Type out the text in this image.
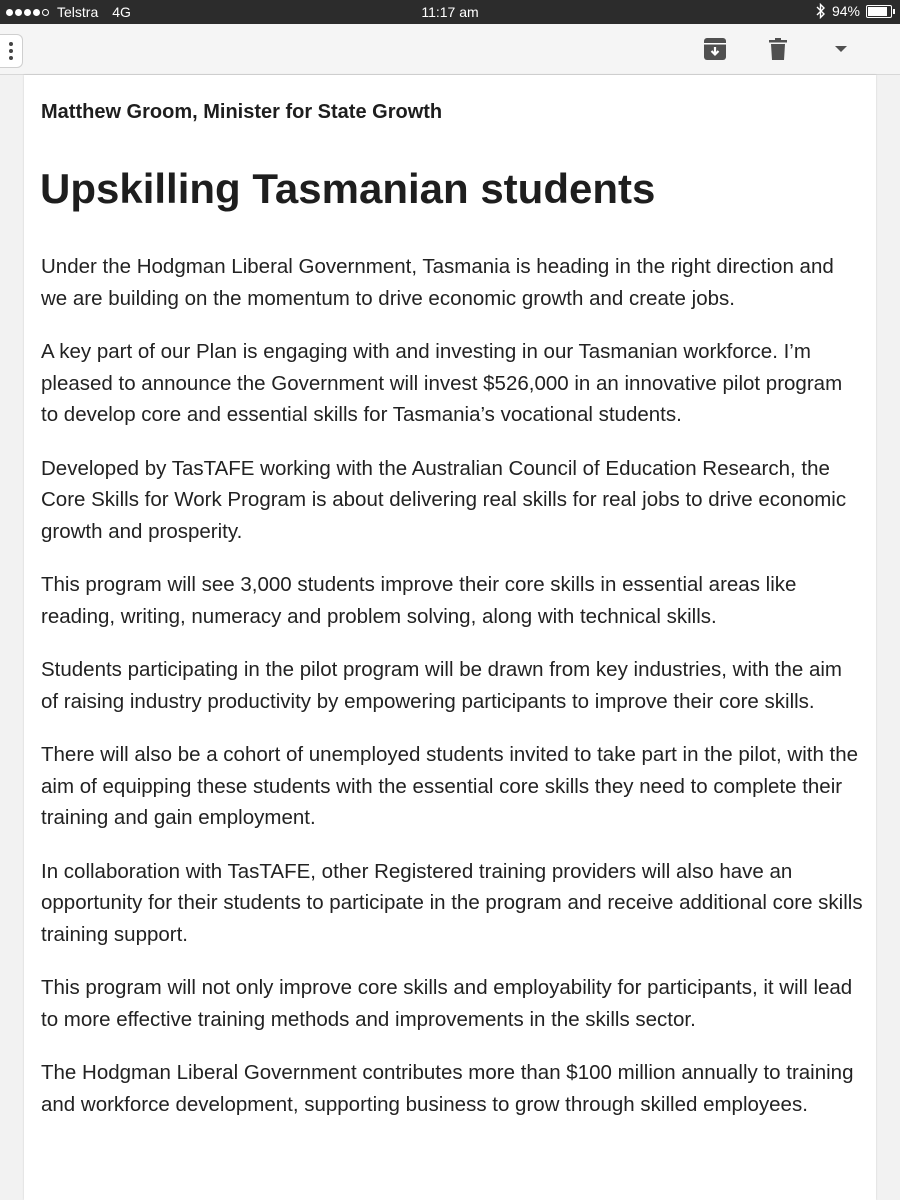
Telstra 4G	11:17 am	94%
Matthew Groom, Minister for State Growth
Upskilling Tasmanian students

Under the Hodgman Liberal Government, Tasmania is heading in the right direction and we are building on the momentum to drive economic growth and create jobs.

A key part of our Plan is engaging with and investing in our Tasmanian workforce. I’m pleased to announce the Government will invest $526,000 in an innovative pilot program to develop core and essential skills for Tasmania’s vocational students.

Developed by TasTAFE working with the Australian Council of Education Research, the Core Skills for Work Program is about delivering real skills for real jobs to drive economic growth and prosperity.

This program will see 3,000 students improve their core skills in essential areas like reading, writing, numeracy and problem solving, along with technical skills.

Students participating in the pilot program will be drawn from key industries, with the aim of raising industry productivity by empowering participants to improve their core skills.

There will also be a cohort of unemployed students invited to take part in the pilot, with the aim of equipping these students with the essential core skills they need to complete their training and gain employment.

In collaboration with TasTAFE, other Registered training providers will also have an opportunity for their students to participate in the program and receive additional core skills training support.

This program will not only improve core skills and employability for participants, it will lead to more effective training methods and improvements in the skills sector.

The Hodgman Liberal Government contributes more than $100 million annually to training and workforce development, supporting business to grow through skilled employees.
